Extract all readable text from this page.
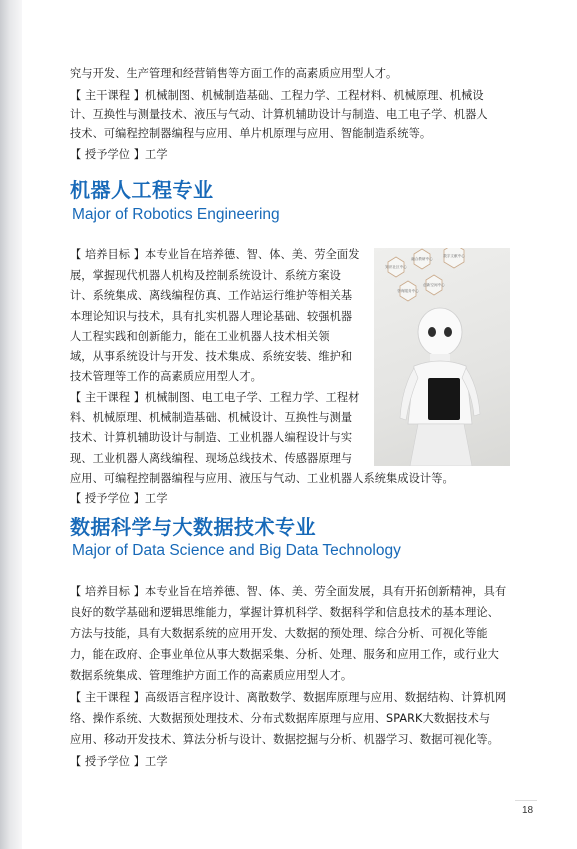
究与开发、生产管理和经营销售等方面工作的高素质应用型人才。

【 主干课程 】机械制图、机械制造基础、工程力学、工程材料、机械原理、机械设

计、互换性与测量技术、液压与气动、计算机辅助设计与制造、电工电子学、机器人

技术、可编程控制器编程与应用、单片机原理与应用、智能制造系统等。

【 授予学位 】工学

机器人工程专业
Major of Robotics Engineering

【 培养目标 】本专业旨在培养德、智、体、美、劳全面发

展，掌握现代机器人机构及控制系统设计、系统方案设

计、系统集成、离线编程仿真、工作站运行维护等相关基

本理论知识与技术，具有扎实机器人理论基础、较强机器

人工程实践和创新能力，能在工业机器人技术相关领

域，从事系统设计与开发、技术集成、系统安装、维护和

技术管理等工作的高素质应用型人才。

【 主干课程 】机械制图、电工电子学、工程力学、工程材

料、机械原理、机械制造基础、机械设计、互换性与测量

技术、计算机辅助设计与制造、工业机器人编程设计与实

现、工业机器人离线编程、现场总线技术、传感器原理与

应用、可编程控制器编程与应用、液压与气动、工业机器人系统集成设计等。

【 授予学位 】工学

数据科学与大数据技术专业
Major of Data Science and Big Data Technology

【 培养目标 】本专业旨在培养德、智、体、美、劳全面发展，具有开拓创新精神，具有

良好的数学基础和逻辑思维能力，掌握计算机科学、数据科学和信息技术的基本理论、

方法与技能，具有大数据系统的应用开发、大数据的预处理、综合分析、可视化等能

力，能在政府、企事业单位从事大数据采集、分析、处理、服务和应用工作，或行业大

数据系统集成、管理维护方面工作的高素质应用型人才。

【 主干课程 】高级语言程序设计、离散数学、数据库原理与应用、数据结构、计算机网

络、操作系统、大数据预处理技术、分布式数据库原理与应用、SPARK大数据技术与

应用、移动开发技术、算法分析与设计、数据挖掘与分析、机器学习、数据可视化等。

【 授予学位 】工学

知识社区中心
融合教研中心
数字文献中心
咨询服务中心
创新空间中心
18
